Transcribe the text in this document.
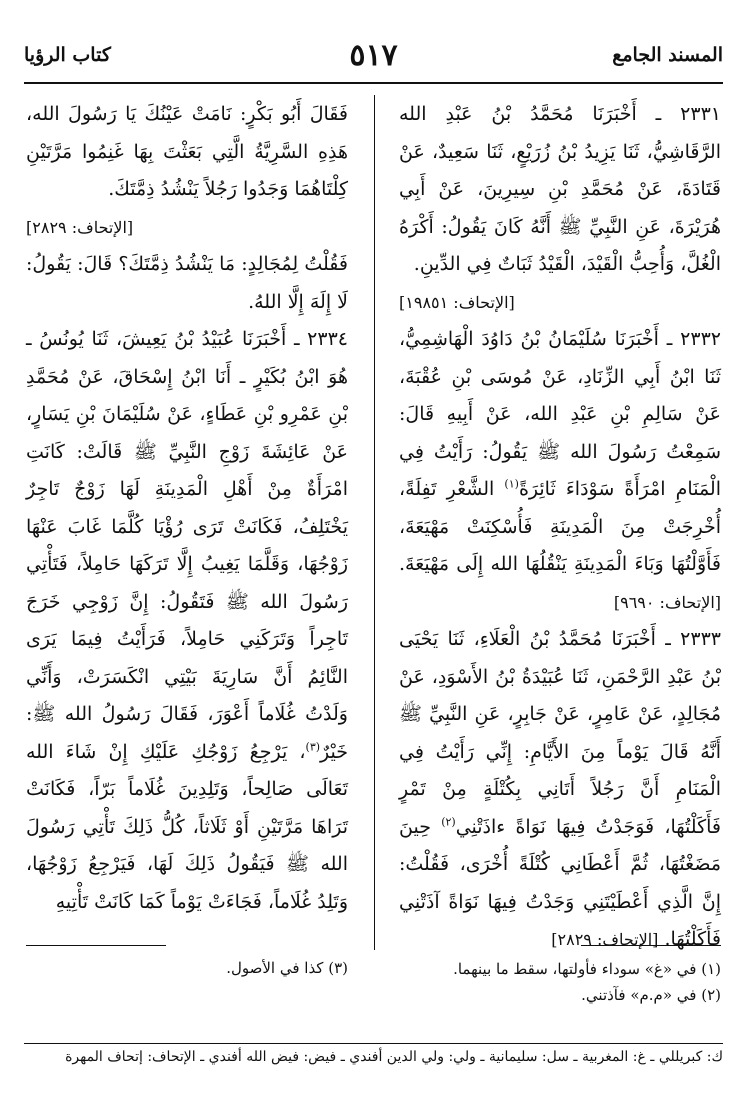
المسند الجامع
٥١٧
كتاب الرؤيا

٢٣٣١ ـ أَخْبَرَنَا مُحَمَّدُ بْنُ عَبْدِ الله الرَّقَاشِيُّ، ثَنَا يَزِيدُ بْنُ زُرَيْعٍ، ثَنَا سَعِيدٌ، عَنْ قَتَادَةَ، عَنْ مُحَمَّدِ بْنِ سِيرِينَ، عَنْ أَبِي هُرَيْرَةَ، عَنِ النَّبِيِّ ﷺ أَنَّهُ كَانَ يَقُولُ: أَكْرَهُ الْغُلَّ، وَأُحِبُّ الْقَيْدَ، الْقَيْدُ ثَبَاتٌ فِي الدِّينِ.

[الإتحاف: ١٩٨٥١]

٢٣٣٢ ـ أَخْبَرَنَا سُلَيْمَانُ بْنُ دَاوُدَ الْهَاشِمِيُّ، ثَنَا ابْنُ أَبِي الزِّنَادِ، عَنْ مُوسَى بْنِ عُقْبَةَ، عَنْ سَالِمِ بْنِ عَبْدِ الله، عَنْ أَبِيهِ قَالَ: سَمِعْتُ رَسُولَ الله ﷺ يَقُولُ: رَأَيْتُ فِي الْمَنَامِ امْرَأَةً سَوْدَاءَ ثَائِرَةً$^{(١)}$ الشَّعْرِ تَفِلَةً، أُخْرِجَتْ مِنَ الْمَدِينَةِ فَأُسْكِنَتْ مَهْيَعَةَ، فَأَوَّلْتُهَا وَبَاءَ الْمَدِينَةِ يَنْقُلُهَا الله إِلَى مَهْيَعَةَ. [الإتحاف: ٩٦٩٠]

٢٣٣٣ ـ أَخْبَرَنَا مُحَمَّدُ بْنُ الْعَلَاءِ، ثَنَا يَحْيَى بْنُ عَبْدِ الرَّحْمَنِ، ثَنَا عُبَيْدَةُ بْنُ الأَسْوَدِ، عَنْ مُجَالِدٍ، عَنْ عَامِرٍ، عَنْ جَابِرٍ، عَنِ النَّبِيِّ ﷺ أَنَّهُ قَالَ يَوْماً مِنَ الأَيَّامِ: إِنِّي رَأَيْتُ فِي الْمَنَامِ أَنَّ رَجُلاً أَتَانِي بِكُتْلَةٍ مِنْ تَمْرٍ فَأَكَلْتُهَا، فَوَجَدْتُ فِيهَا نَوَاةً ءاذَتْنِي$^{(٢)}$ حِينَ مَضَغْتُهَا، ثُمَّ أَعْطَانِي كُتْلَةً أُخْرَى، فَقُلْتُ: إِنَّ الَّذِي أَعْطَيْتَنِي وَجَدْتُ فِيهَا نَوَاةً آذَتْنِي فَأَكَلْتُهَا. [الإتحاف: ٢٨٢٩]

فَقَالَ أَبُو بَكْرٍ: نَامَتْ عَيْنُكَ يَا رَسُولَ الله، هَذِهِ السَّرِيَّةُ الَّتِي بَعَثْتَ بِهَا غَنِمُوا مَرَّتَيْنِ كِلْتَاهُمَا وَجَدُوا رَجُلاً يَنْشُدُ ذِمَّتَكَ.

[الإتحاف: ٢٨٢٩]

فَقُلْتُ لِمُجَالِدٍ: مَا يَنْشُدُ ذِمَّتَكَ؟ قَالَ: يَقُولُ: لَا إِلَهَ إِلَّا اللهُ.

٢٣٣٤ ـ أَخْبَرَنَا عُبَيْدُ بْنُ يَعِيشَ، ثَنَا يُونُسُ ـ هُوَ ابْنُ بُكَيْرٍ ـ أَنَا ابْنُ إِسْحَاقَ، عَنْ مُحَمَّدِ بْنِ عَمْرِو بْنِ عَطَاءٍ، عَنْ سُلَيْمَانَ بْنِ يَسَارٍ، عَنْ عَائِشَةَ زَوْجِ النَّبِيِّ ﷺ قَالَتْ: كَانَتِ امْرَأَةٌ مِنْ أَهْلِ الْمَدِينَةِ لَهَا زَوْجٌ تَاجِرٌ يَخْتَلِفُ، فَكَانَتْ تَرَى رُؤْيَا كُلَّمَا غَابَ عَنْهَا زَوْجُهَا، وَقَلَّمَا يَغِيبُ إِلَّا تَرَكَهَا حَامِلاً، فَتَأْتِي رَسُولَ الله ﷺ فَتَقُولُ: إِنَّ زَوْجِي خَرَجَ تَاجِراً وَتَرَكَنِي حَامِلاً، فَرَأَيْتُ فِيمَا يَرَى النَّائِمُ أَنَّ سَارِيَةَ بَيْتِي انْكَسَرَتْ، وَأَنِّي وَلَدْتُ غُلَاماً أَعْوَرَ، فَقَالَ رَسُولُ الله ﷺ: خَيْرٌ$^{(٣)}$، يَرْجِعُ زَوْجُكِ عَلَيْكِ إِنْ شَاءَ الله تَعَالَى صَالِحاً، وَتَلِدِينَ غُلَاماً بَرّاً، فَكَانَتْ تَرَاهَا مَرَّتَيْنِ أَوْ ثَلَاثاً، كُلُّ ذَلِكَ تَأْتِي رَسُولَ الله ﷺ فَيَقُولُ ذَلِكَ لَهَا، فَيَرْجِعُ زَوْجُهَا، وَتَلِدُ غُلَاماً، فَجَاءَتْ يَوْماً كَمَا كَانَتْ تَأْتِيهِ

(١) في «غ» سوداء فأولتها، سقط ما بينهما.
(٢) في «م.م» فآذتني.
(٣) كذا في الأصول.
ك: كبريللي ـ غ: المغربية ـ سل: سليمانية ـ ولي: ولي الدين أفندي ـ فيض: فيض الله أفندي ـ الإتحاف: إتحاف المهرة
